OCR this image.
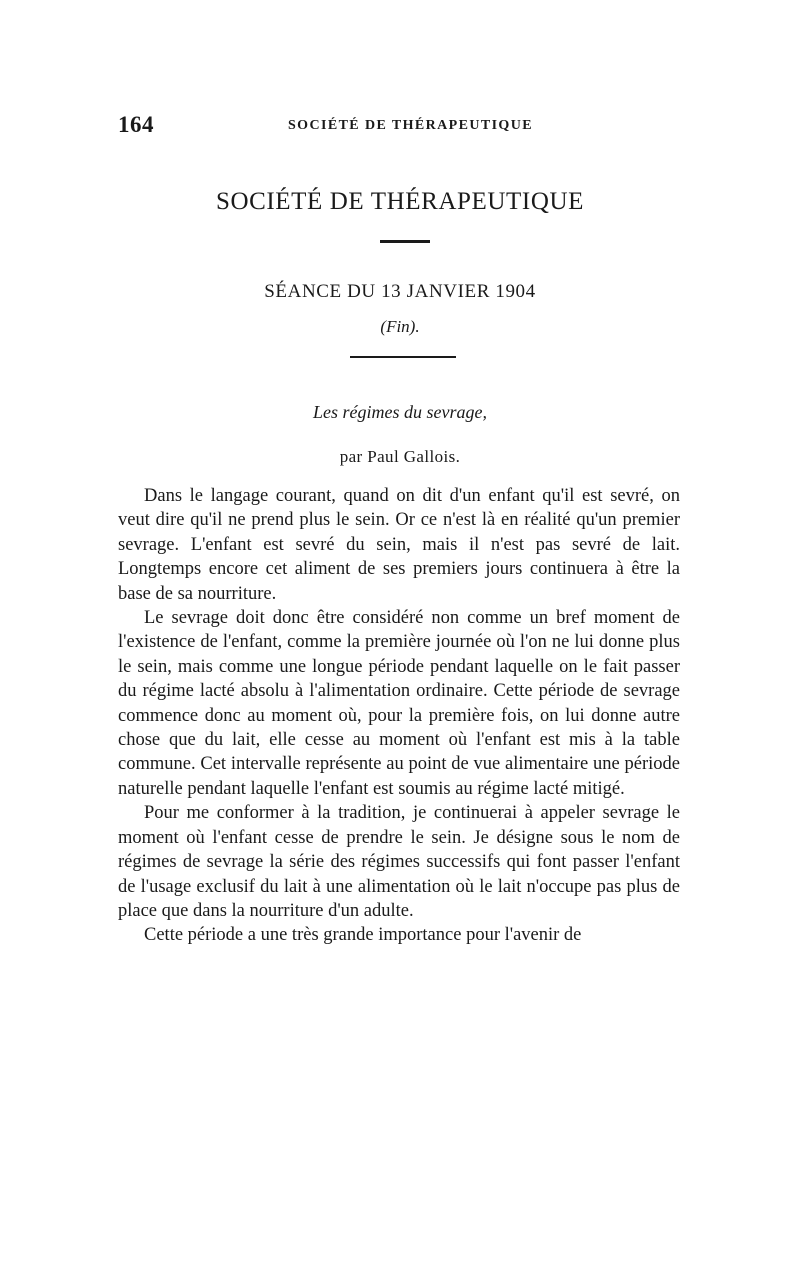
164	SOCIÉTÉ DE THÉRAPEUTIQUE
SOCIÉTÉ DE THÉRAPEUTIQUE
SÉANCE DU 13 JANVIER 1904
(Fin).
Les régimes du sevrage,
par Paul Gallois.

Dans le langage courant, quand on dit d'un enfant qu'il est sevré, on veut dire qu'il ne prend plus le sein. Or ce n'est là en réalité qu'un premier sevrage. L'enfant est sevré du sein, mais il n'est pas sevré de lait. Longtemps encore cet aliment de ses premiers jours continuera à être la base de sa nourriture.

Le sevrage doit donc être considéré non comme un bref moment de l'existence de l'enfant, comme la première journée où l'on ne lui donne plus le sein, mais comme une longue période pendant laquelle on le fait passer du régime lacté absolu à l'alimentation ordinaire. Cette période de sevrage commence donc au moment où, pour la première fois, on lui donne autre chose que du lait, elle cesse au moment où l'enfant est mis à la table commune. Cet intervalle représente au point de vue alimentaire une période naturelle pendant laquelle l'enfant est soumis au régime lacté mitigé.

Pour me conformer à la tradition, je continuerai à appeler sevrage le moment où l'enfant cesse de prendre le sein. Je désigne sous le nom de régimes de sevrage la série des régimes successifs qui font passer l'enfant de l'usage exclusif du lait à une alimentation où le lait n'occupe pas plus de place que dans la nourriture d'un adulte.

Cette période a une très grande importance pour l'avenir de
